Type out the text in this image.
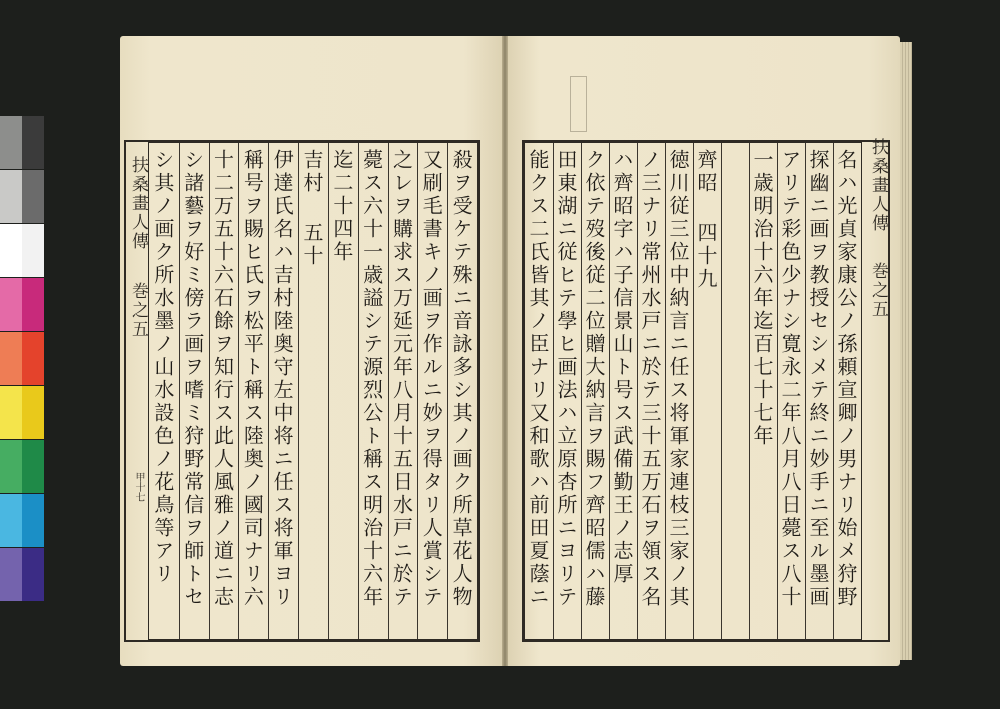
殺ヲ受ケテ殊ニ音詠多シ其ノ画ク所草花人物
又刷毛書キノ画ヲ作ルニ妙ヲ得タリ人賞シテ
之レヲ購求ス万延元年八月十五日水戸ニ於テ
薨ス六十一歳謚シテ源烈公ト稱ス明治十六年
迄二十四年
吉村 五十
伊達氏名ハ吉村陸奥守左中将ニ任ス将軍ヨリ
稱号ヲ賜ヒ氏ヲ松平ト稱ス陸奥ノ國司ナリ六
十二万五十六石餘ヲ知行ス此人風雅ノ道ニ志
シ諸藝ヲ好ミ傍ラ画ヲ嗜ミ狩野常信ヲ師トセ
シ其ノ画ク所水墨ノ山水設色ノ花鳥等アリ
扶桑畫人傳
巻之五
甲十七
　	名ハ光貞家康公ノ孫頼宣卿ノ男ナリ始メ狩野
探幽ニ画ヲ教授セシメテ終ニ妙手ニ至ル墨画
アリテ彩色少ナシ寛永二年八月八日薨ス八十
一歳明治十六年迄百七十七年
齊昭 四十九
徳川従三位中納言ニ任ス将軍家連枝三家ノ其
ノ三ナリ常州水戸ニ於テ三十五万石ヲ領ス名
ハ齊昭字ハ子信景山ト号ス武備勤王ノ志厚
ク依テ歿後従二位贈大納言ヲ賜フ齊昭儒ハ藤
田東湖ニ従ヒテ學ヒ画法ハ立原杏所ニヨリテ
能クス二氏皆其ノ臣ナリ又和歌ハ前田夏蔭ニ	扶桑畫人傳
巻之五
